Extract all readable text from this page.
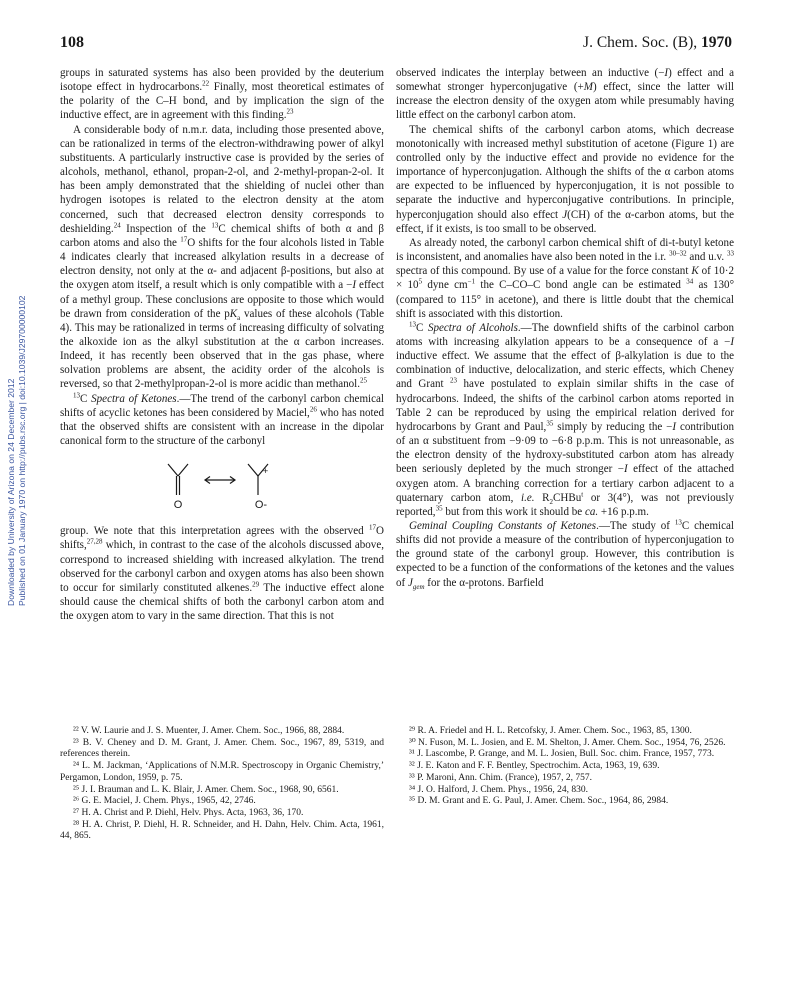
Downloaded by University of Arizona on 24 December 2012 Published on 01 January 1970 on http://pubs.rsc.org | doi:10.1039/J29700000102
108	J. Chem. Soc. (B), 1970

groups in saturated systems has also been provided by the deuterium isotope effect in hydrocarbons.$^{22}$ Finally, most theoretical estimates of the polarity of the C–H bond, and by implication the sign of the inductive effect, are in agreement with this finding.$^{23}$

A considerable body of n.m.r. data, including those presented above, can be rationalized in terms of the electron-withdrawing power of alkyl substituents. A particularly instructive case is provided by the series of alcohols, methanol, ethanol, propan-2-ol, and 2-methyl-propan-2-ol. It has been amply demonstrated that the shielding of nuclei other than hydrogen isotopes is related to the electron density at the atom concerned, such that decreased electron density corresponds to deshielding.$^{24}$ Inspection of the $^{13}$C chemical shifts of both α and β carbon atoms and also the $^{17}$O shifts for the four alcohols listed in Table 4 indicates clearly that increased alkylation results in a decrease of electron density, not only at the α- and adjacent β-positions, but also at the oxygen atom itself, a result which is only compatible with a −I effect of a methyl group. These conclusions are opposite to those which would be drawn from consideration of the $pK_a$ values of these alcohols (Table 4). This may be rationalized in terms of increasing difficulty of solvating the alkoxide ion as the alkyl substitution at the α carbon increases. Indeed, it has recently been observed that in the gas phase, where solvation problems are absent, the acidity order of the alcohols is reversed, so that 2-methylpropan-2-ol is more acidic than methanol.$^{25}$

$^{13}$C Spectra of Ketones.—The trend of the carbonyl carbon chemical shifts of acyclic ketones has been considered by Maciel,$^{26}$ who has noted that the observed shifts are consistent with an increase in the dipolar canonical form to the structure of the carbonyl

O	O-
+

group. We note that this interpretation agrees with the observed $^{17}$O shifts,$^{27,28}$ which, in contrast to the case of the alcohols discussed above, correspond to increased shielding with increased alkylation. The trend observed for the carbonyl carbon and oxygen atoms has also been shown to occur for similarly constituted alkenes.$^{29}$ The inductive effect alone should cause the chemical shifts of both the carbonyl carbon atom and the oxygen atom to vary in the same direction. That this is not

observed indicates the interplay between an inductive (−I) effect and a somewhat stronger hyperconjugative (+M) effect, since the latter will increase the electron density of the oxygen atom while presumably having little effect on the carbonyl carbon atom.

The chemical shifts of the carbonyl carbon atoms, which decrease monotonically with increased methyl substitution of acetone (Figure 1) are controlled only by the inductive effect and provide no evidence for the importance of hyperconjugation. Although the shifts of the α carbon atoms are expected to be influenced by hyperconjugation, it is not possible to separate the inductive and hyperconjugative contributions. In principle, hyperconjugation should also effect J(CH) of the α-carbon atoms, but the effect, if it exists, is too small to be observed.

As already noted, the carbonyl carbon chemical shift of di-t-butyl ketone is inconsistent, and anomalies have also been noted in the i.r. $^{30-32}$ and u.v. $^{33}$ spectra of this compound. By use of a value for the force constant K of $10\cdot 2 \times 10^5$ dyne $cm^{-1}$ the C–CO–C bond angle can be estimated $^{34}$ as 130° (compared to 115° in acetone), and there is little doubt that the chemical shift is associated with this distortion.

$^{13}$C Spectra of Alcohols.—The downfield shifts of the carbinol carbon atoms with increasing alkylation appears to be a consequence of a −I inductive effect. We assume that the effect of β-alkylation is due to the combination of inductive, delocalization, and steric effects, which Cheney and Grant $^{23}$ have postulated to explain similar shifts in the case of hydrocarbons. Indeed, the shifts of the carbinol carbon atoms reported in Table 2 can be reproduced by using the empirical relation derived for hydrocarbons by Grant and Paul,$^{35}$ simply by reducing the −I contribution of an α substituent from −9·09 to −6·8 p.p.m. This is not unreasonable, as the electron density of the hydroxy-substituted carbon atom has already been seriously depleted by the much stronger −I effect of the attached oxygen atom. A branching correction for a tertiary carbon adjacent to a quaternary carbon atom, i.e. $R_2CHBu^t$ or 3(4°), was not previously reported,$^{35}$ but from this work it should be ca. +16 p.p.m.

Geminal Coupling Constants of Ketones.—The study of $^{13}$C chemical shifts did not provide a measure of the contribution of hyperconjugation to the ground state of the carbonyl group. However, this contribution is expected to be a function of the conformations of the ketones and the values of $J_{gem}$ for the α-protons. Barfield

²² V. W. Laurie and J. S. Muenter, J. Amer. Chem. Soc., 1966, 88, 2884.

²³ B. V. Cheney and D. M. Grant, J. Amer. Chem. Soc., 1967, 89, 5319, and references therein.

²⁴ L. M. Jackman, ‘Applications of N.M.R. Spectroscopy in Organic Chemistry,’ Pergamon, London, 1959, p. 75.

²⁵ J. I. Brauman and L. K. Blair, J. Amer. Chem. Soc., 1968, 90, 6561.

²⁶ G. E. Maciel, J. Chem. Phys., 1965, 42, 2746.

²⁷ H. A. Christ and P. Diehl, Helv. Phys. Acta, 1963, 36, 170.

²⁸ H. A. Christ, P. Diehl, H. R. Schneider, and H. Dahn, Helv. Chim. Acta, 1961, 44, 865.

²⁹ R. A. Friedel and H. L. Retcofsky, J. Amer. Chem. Soc., 1963, 85, 1300.

³⁰ N. Fuson, M. L. Josien, and E. M. Shelton, J. Amer. Chem. Soc., 1954, 76, 2526.

³¹ J. Lascombe, P. Grange, and M. L. Josien, Bull. Soc. chim. France, 1957, 773.

³² J. E. Katon and F. F. Bentley, Spectrochim. Acta, 1963, 19, 639.

³³ P. Maroni, Ann. Chim. (France), 1957, 2, 757.

³⁴ J. O. Halford, J. Chem. Phys., 1956, 24, 830.

³⁵ D. M. Grant and E. G. Paul, J. Amer. Chem. Soc., 1964, 86, 2984.
